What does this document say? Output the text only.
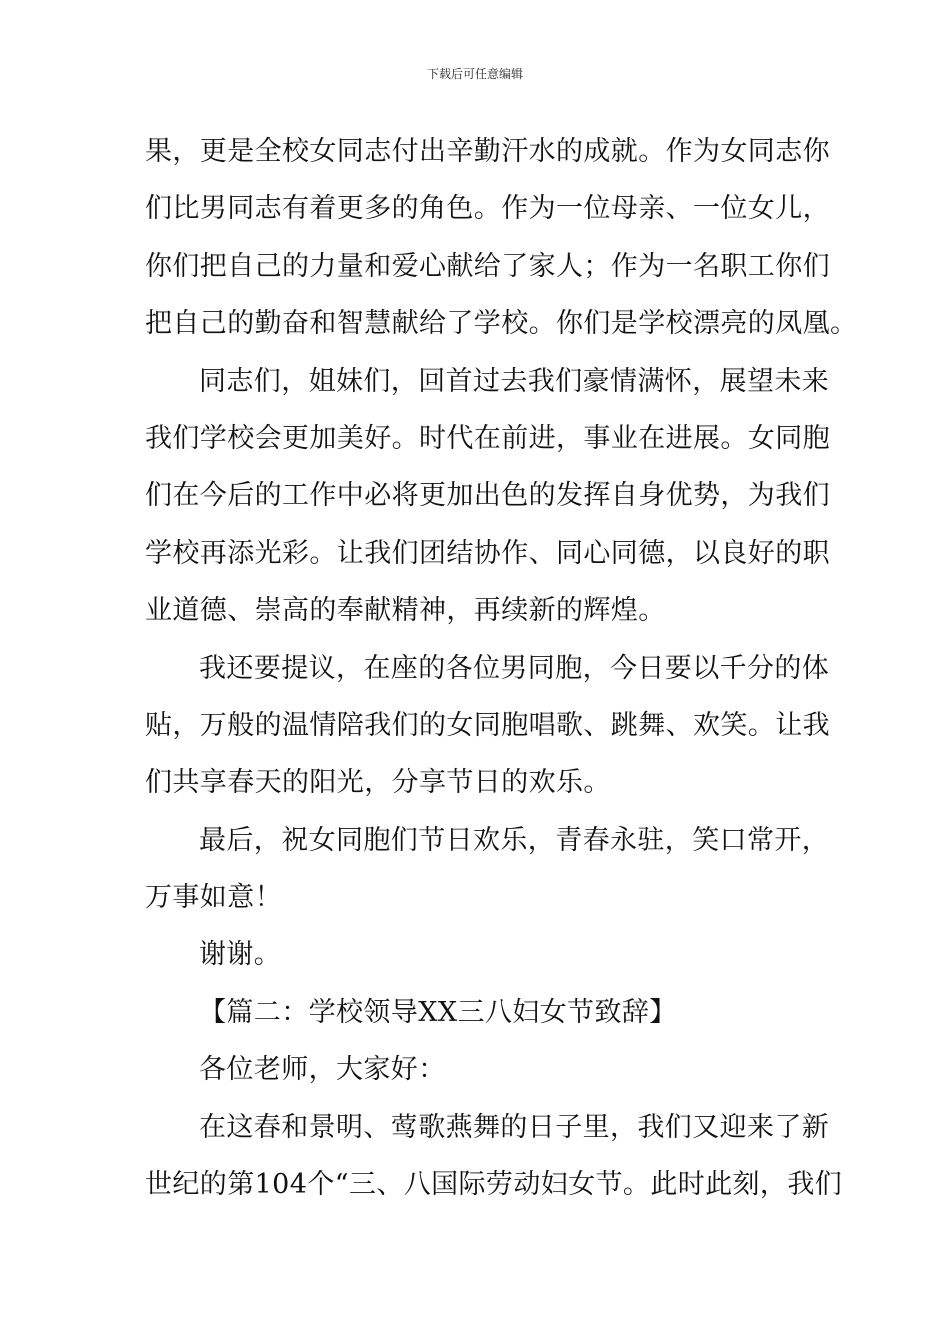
下载后可任意编辑
果，更是全校女同志付出辛勤汗水的成就。作为女同志你
们比男同志有着更多的角色。作为一位母亲、一位女儿，
你们把自己的力量和爱心献给了家人；作为一名职工你们
把自己的勤奋和智慧献给了学校。你们是学校漂亮的凤凰。
同志们，姐妹们，回首过去我们豪情满怀，展望未来
我们学校会更加美好。时代在前进，事业在进展。女同胞
们在今后的工作中必将更加出色的发挥自身优势，为我们
学校再添光彩。让我们团结协作、同心同德，以良好的职
业道德、崇高的奉献精神，再续新的辉煌。
我还要提议，在座的各位男同胞，今日要以千分的体
贴，万般的温情陪我们的女同胞唱歌、跳舞、欢笑。让我
们共享春天的阳光，分享节日的欢乐。
最后，祝女同胞们节日欢乐，青春永驻，笑口常开，
万事如意！
谢谢。
【篇二：学校领导XX三八妇女节致辞】
各位老师，大家好：
在这春和景明、莺歌燕舞的日子里，我们又迎来了新
世纪的第104个“三、八国际劳动妇女节。此时此刻，我们
